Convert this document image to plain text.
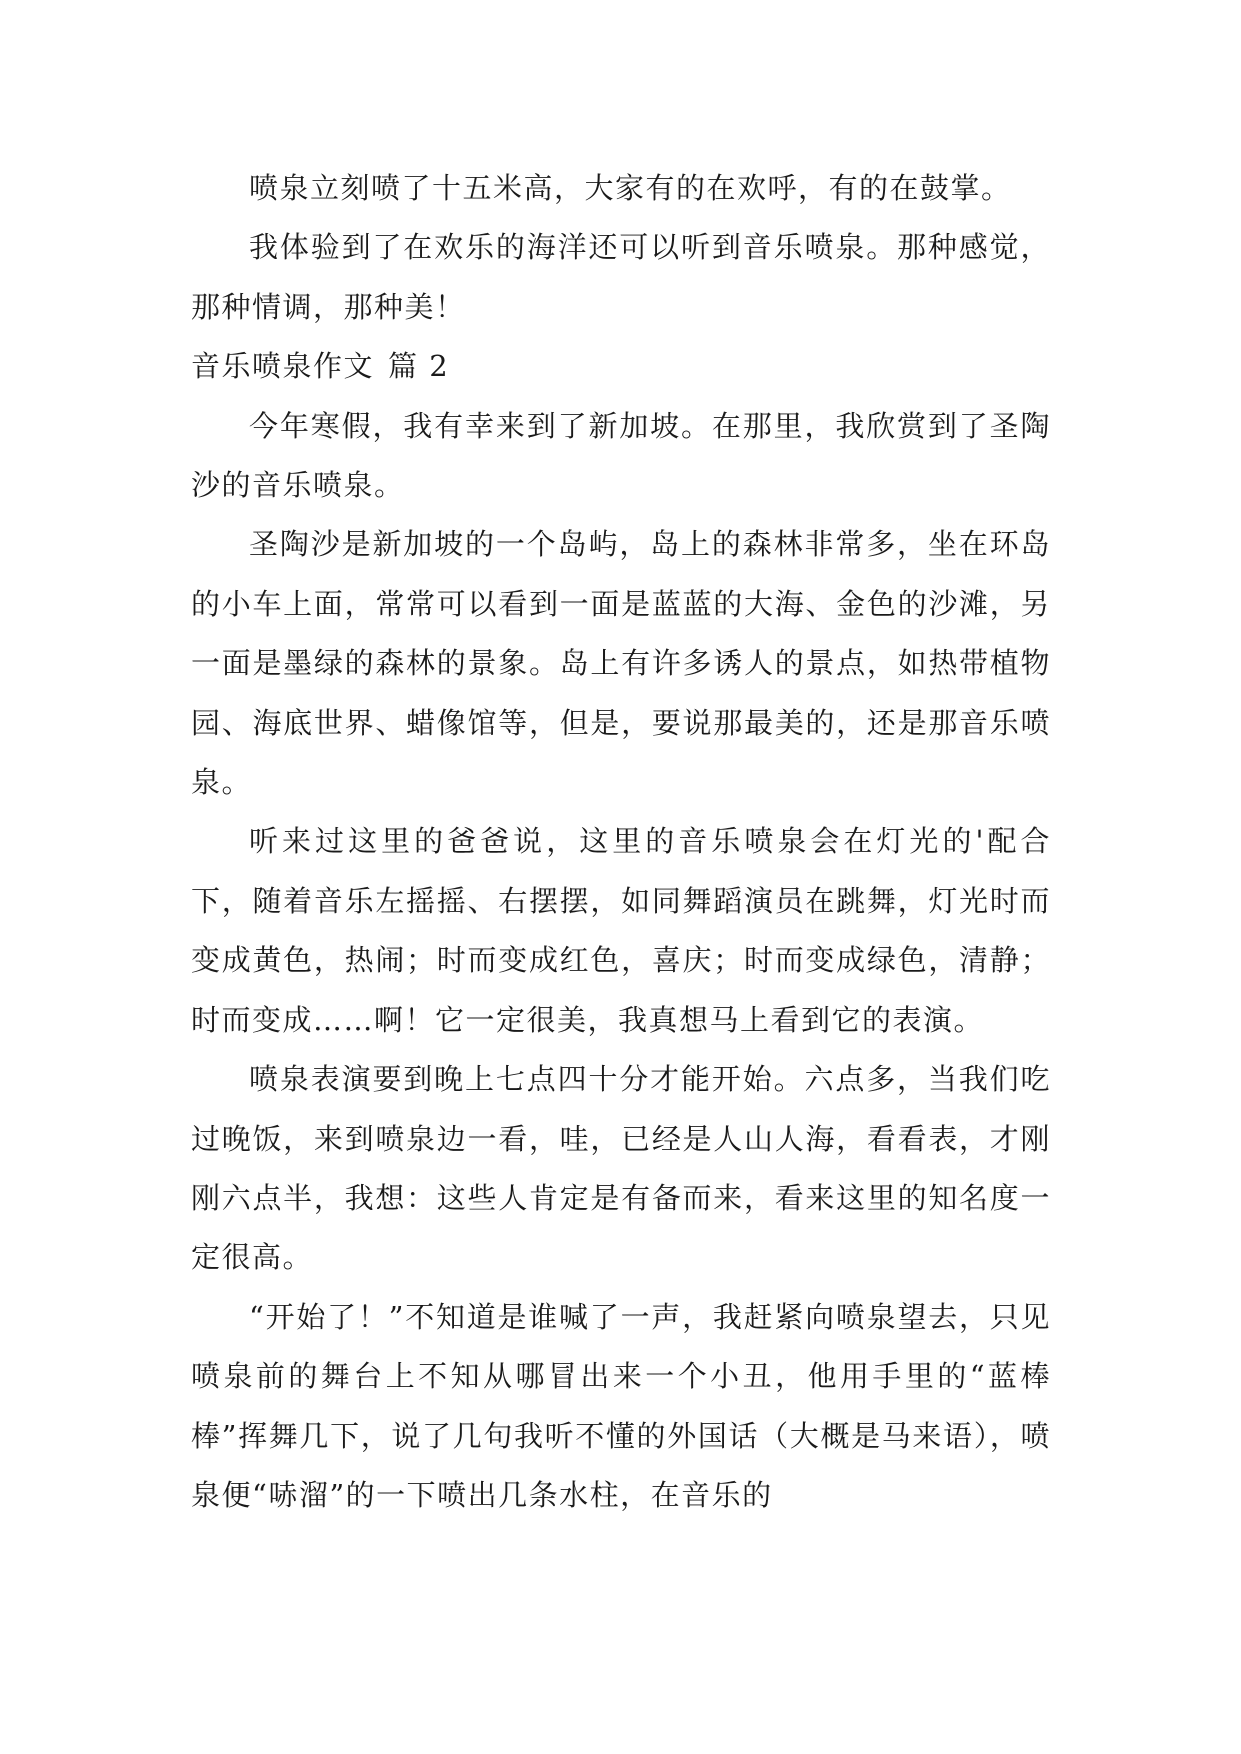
喷泉立刻喷了十五米高，大家有的在欢呼，有的在鼓掌。

我体验到了在欢乐的海洋还可以听到音乐喷泉。那种感觉，那种情调，那种美！

音乐喷泉作文 篇 2

今年寒假，我有幸来到了新加坡。在那里，我欣赏到了圣陶沙的音乐喷泉。

圣陶沙是新加坡的一个岛屿，岛上的森林非常多，坐在环岛的小车上面，常常可以看到一面是蓝蓝的大海、金色的沙滩，另一面是墨绿的森林的景象。岛上有许多诱人的景点，如热带植物园、海底世界、蜡像馆等，但是，要说那最美的，还是那音乐喷泉。

听来过这里的爸爸说，这里的音乐喷泉会在灯光的'配合下，随着音乐左摇摇、右摆摆，如同舞蹈演员在跳舞，灯光时而变成黄色，热闹；时而变成红色，喜庆；时而变成绿色，清静；时而变成……啊！它一定很美，我真想马上看到它的表演。

喷泉表演要到晚上七点四十分才能开始。六点多，当我们吃过晚饭，来到喷泉边一看，哇，已经是人山人海，看看表，才刚刚六点半，我想：这些人肯定是有备而来，看来这里的知名度一定很高。

“开始了！”不知道是谁喊了一声，我赶紧向喷泉望去，只见喷泉前的舞台上不知从哪冒出来一个小丑，他用手里的“蓝棒棒”挥舞几下，说了几句我听不懂的外国话（大概是马来语），喷泉便“哧溜”的一下喷出几条水柱，在音乐的
